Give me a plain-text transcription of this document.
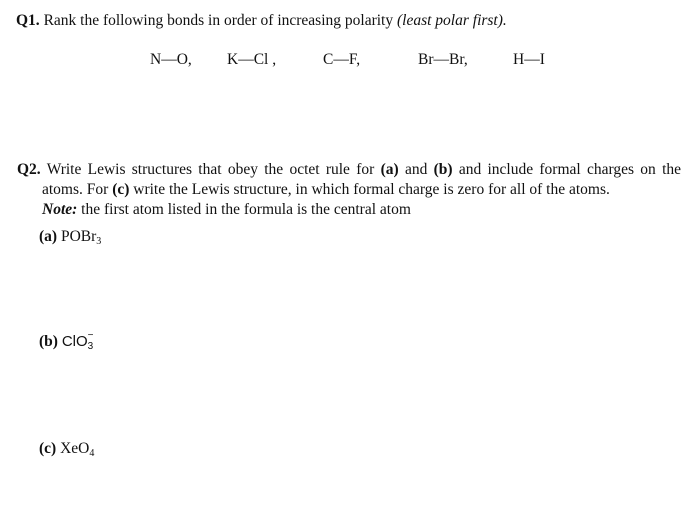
Q1. Rank the following bonds in order of increasing polarity (least polar first).
N—O, K—Cl ,	C—F,	Br—Br,	H—I
Q2. Write Lewis structures that obey the octet rule for (a) and (b) and include formal charges on the
atoms. For (c) write the Lewis structure, in which formal charge is zero for all of the atoms.
Note: the first atom listed in the formula is the central atom
(a) POBr$_3$
(b) ClO −
3
(c) XeO$_4$
